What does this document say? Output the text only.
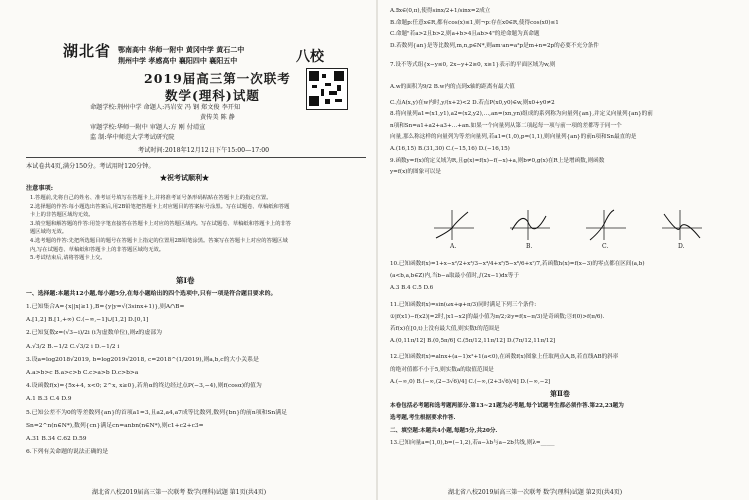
湖北省 鄂南高中 华师一附中 黄冈中学 黄石二中
荆州中学 孝感高中 襄阳四中 襄阳五中	八校
2019届高三第一次联考
数学(理科)试题
命题学校:荆州中学 命题人:冯岩安 冯 钢 郑文俊 李开知
黄传美 陈 静
审题学校:华师一附中 审题人:方 刚 付靖宣
监 制:华中师范大学考试研究院
考试时间:2018年12月12日下午15:00—17:00
本试卷共4页,满分150分。考试用时120分钟。
★祝考试顺利★
注意事项:
1.答题前,先将自己的姓名、准考证号填写在答题卡上,并将准考证号条形码粘贴在答题卡上的指定位置。
2.选择题的作答:每小题选出答案后,用2B铅笔把答题卡上对应题目的答案标号涂黑。写在试题卷、草稿纸和答题
卡上的非答题区域均无效。
3.填空题和解答题的作答:用签字笔直接答在答题卡上对应的答题区域内。写在试题卷、草稿纸和答题卡上的非答
题区域均无效。
4.选考题的作答:先把所选题目的题号在答题卡上指定的位置用2B铅笔涂黑。答案写在答题卡上对应的答题区域
内,写在试题卷、草稿纸和答题卡上的非答题区域均无效。
5.考试结束后,请将答题卡上交。
第Ⅰ卷
一、选择题:本题共12小题,每小题5分,在每小题给出的四个选项中,只有一项是符合题目要求的。
1.已知集合A={x||x|≥1},B={y|y=√(3sinx+1)},则A∩B=
A.[1,2] B.[1,+∞) C.(−∞,−1]∪[1,2] D.[0,1]
2.已知复数z=(√3−i)/2i (i为虚数单位),则z的虚部为
A.√3/2 B.−1/2 C.√3/2 i D.−1/2 i
3.设a=log2018√2019, b=log2019√2018, c=2018^(1/2019),则a,b,c的大小关系是
A.a>b>c B.a>c>b C.c>a>b D.c>b>a
4.设函数f(x)={5x+4, x<0; 2^x, x≥0},若角α的终边经过点P(−3,−4),则f(cosα)的值为
A.1 B.3 C.4 D.9
5.已知公差不为0的等差数列{an}的首项a1=3,且a2,a4,a7成等比数列,数列{bn}的前n项和Sn满足
Sn=2^n(n∈N*),数列{cn}满足cn=anbn(n∈N*),则c1+c2+c3=
A.31 B.34 C.62 D.59
6.下列有关命题的说法正确的是
湖北省八校2019届高三第一次联考 数学(理科)试题 第1页(共4页)
A.∃x∈(0,π),使得sinx/2+1/sinx=2成立
B.命题p:任意x∈R,都有cos(x)≤1,则¬p:存在x0∈R,使得cos(x0)≤1
C.命题"若a>2且b>2,则a+b>4且ab>4"的逆命题为真命题
D.若数列{an}是等比数列,m,n,p∈N*,则am·an=a²p是m+n=2p的必要不充分条件
7.设不等式组{x−y≤0, 2x−y+2≥0, x≥1}表示的平面区域为w,则
A.w的面积为9/2 B.w内的点到x轴的距离有最大值
C.点A(x,y)在w内时,y/(x+2)<2 D.若点P(x0,y0)∈w,则x0+y0≠2
8.将向量列a1=(x1,y1),a2=(x2,y2),…,an=(xn,yn)组成的系列称为向量列{an},并定义向量列{an}的前
n项和Sn=a1+a2+a3+…+an.如果一个向量列从第二项起每一项与前一项的差都等于同一个
向量,那么称这样的向量列为等差向量列,若a1=(1,0),p=(1,1),则向量列{an}的前n项和Sn最直的是
A.(16,15) B.(31,30) C.(−15,16) D.(−16,15)
9.函数y=f(x)的定义域为R,且g(x)=f(x)−f(−x)+a,则b≠0,g(x)在R上是增函数,则函数
y=f(x)的图象可以是
A.	B.	C.	D.
10.已知函数f(x)=1+x−x²/2+x³/3−x⁴/4+x⁵/5−x⁶/6+x⁷/7,若函数h(x)=f(x−3)的零点都在区间(a,b)
(a<b,a,b∈Z)内,当b−a取最小值时,∫(2x−1)dx等于
A.3 B.4 C.5 D.6
11.已知函数f(x)=sin(ωx+φ+π/3)同时满足下列三个条件:
①|f(x1)−f(x2)|=2时,|x1−x2|的最小值为π/2;②y=f(x−π/3)是奇函数;③f(0)>f(π/6).
若f(x)在[0,t)上没有最大值,则实数t的范围是
A.(0,11π/12] B.(0,5π/6] C.(5π/12,11π/12] D.(7π/12,11π/12]
12.已知函数f(x)=alnx+(a−1)x²+1(a<0),在函数f(x)图象上任取两点A,B,若直线AB的斜率
的绝对值都不小于5,则实数a的取值范围是
A.(−∞,0) B.(−∞,(2−3√6)/4] C.(−∞,(2+3√6)/4] D.(−∞,−2]
第Ⅱ卷
本卷包括必考题和选考题两部分.第13~21题为必考题,每个试题考生都必须作答.第22,23题为
选考题,考生根据要求作答.
二、填空题:本题共4小题,每题5分,共20分.
13.已知向量a=(1,0),b=(−1,2),若a−λb与a−2b共线,则λ=_____
湖北省八校2019届高三第一次联考 数学(理科)试题 第2页(共4页)
